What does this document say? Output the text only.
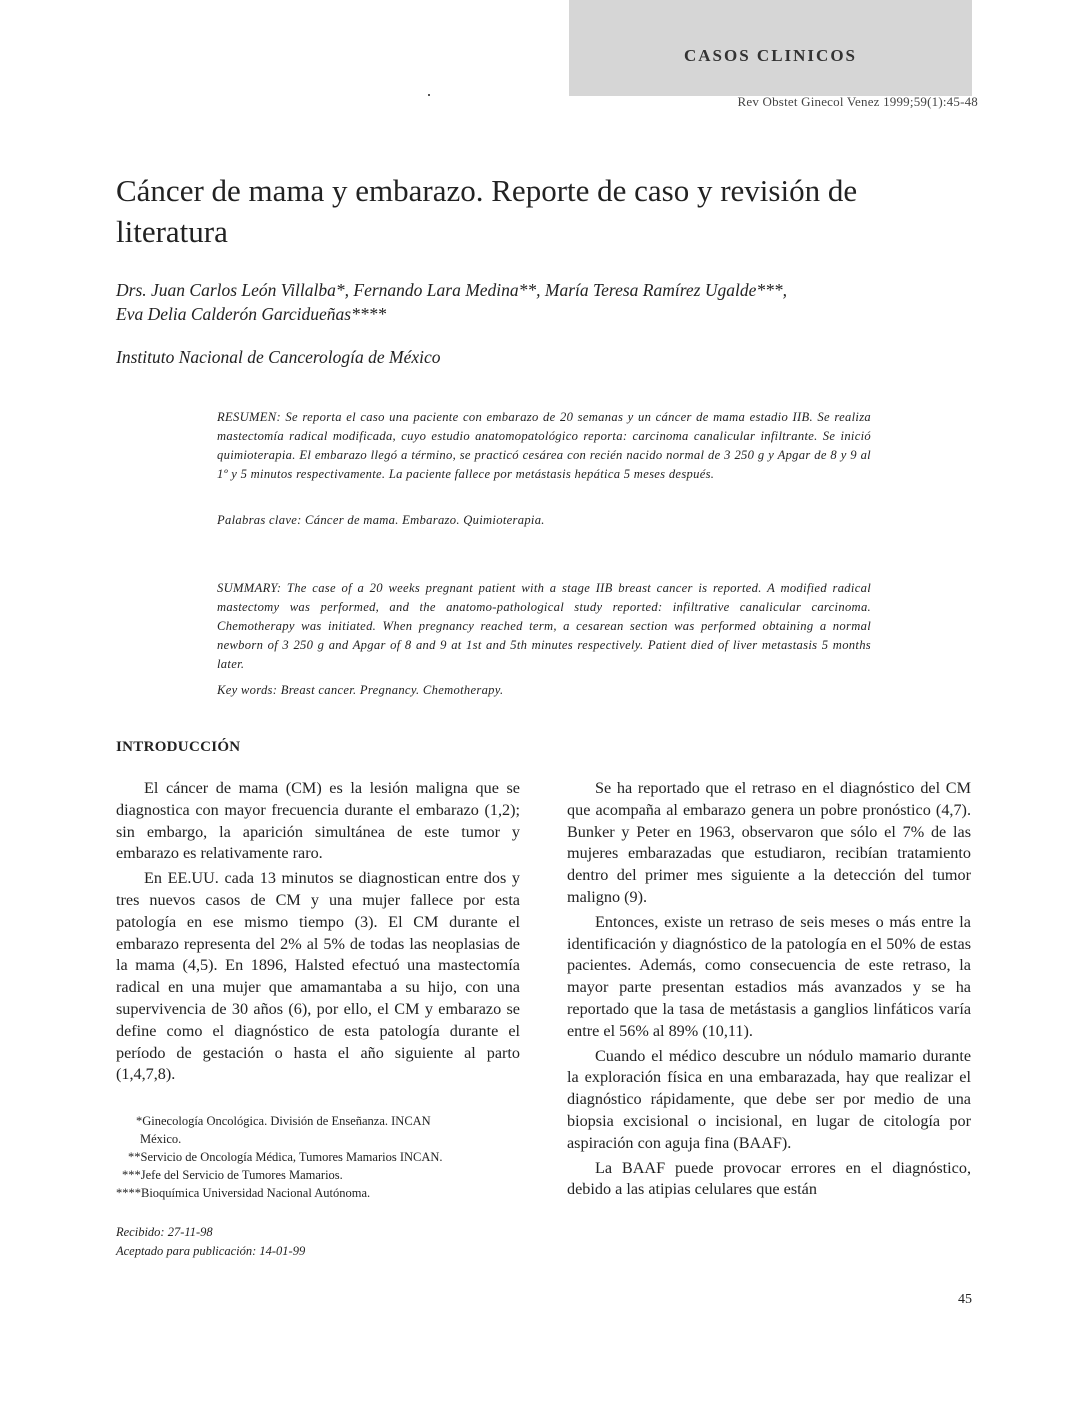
CASOS CLINICOS
Rev Obstet Ginecol Venez 1999;59(1):45-48
Cáncer de mama y embarazo. Reporte de caso y revisión de literatura
Drs. Juan Carlos León Villalba*, Fernando Lara Medina**, María Teresa Ramírez Ugalde***,
Eva Delia Calderón Garcidueñas****
Instituto Nacional de Cancerología de México
RESUMEN: Se reporta el caso una paciente con embarazo de 20 semanas y un cáncer de mama estadio IIB. Se realiza mastectomía radical modificada, cuyo estudio anatomopatológico reporta: carcinoma canalicular infiltrante. Se inició quimioterapia. El embarazo llegó a término, se practicó cesárea con recién nacido normal de 3 250 g y Apgar de 8 y 9 al 1º y 5 minutos respectivamente. La paciente fallece por metástasis hepática 5 meses después.
Palabras clave: Cáncer de mama. Embarazo. Quimioterapia.
SUMMARY: The case of a 20 weeks pregnant patient with a stage IIB breast cancer is reported. A modified radical mastectomy was performed, and the anatomo-pathological study reported: infiltrative canalicular carcinoma. Chemotherapy was initiated. When pregnancy reached term, a cesarean section was performed obtaining a normal newborn of 3 250 g and Apgar of 8 and 9 at 1st and 5th minutes respectively. Patient died of liver metastasis 5 months later.
Key words: Breast cancer. Pregnancy. Chemotherapy.
INTRODUCCIÓN

El cáncer de mama (CM) es la lesión maligna que se diagnostica con mayor frecuencia durante el embarazo (1,2); sin embargo, la aparición simultánea de este tumor y embarazo es relativamente raro.

En EE.UU. cada 13 minutos se diagnostican entre dos y tres nuevos casos de CM y una mujer fallece por esta patología en ese mismo tiempo (3). El CM durante el embarazo representa del 2% al 5% de todas las neoplasias de la mama (4,5). En 1896, Halsted efectuó una mastectomía radical en una mujer que amamantaba a su hijo, con una supervivencia de 30 años (6), por ello, el CM y embarazo se define como el diagnóstico de esta patología durante el período de gestación o hasta el año siguiente al parto (1,4,7,8).

Se ha reportado que el retraso en el diagnóstico del CM que acompaña al embarazo genera un pobre pronóstico (4,7). Bunker y Peter en 1963, observaron que sólo el 7% de las mujeres embarazadas que estudiaron, recibían tratamiento dentro del primer mes siguiente a la detección del tumor maligno (9).

Entonces, existe un retraso de seis meses o más entre la identificación y diagnóstico de la patología en el 50% de estas pacientes. Además, como consecuencia de este retraso, la mayor parte presentan estadios más avanzados y se ha reportado que la tasa de metástasis a ganglios linfáticos varía entre el 56% al 89% (10,11).

Cuando el médico descubre un nódulo mamario durante la exploración física en una embarazada, hay que realizar el diagnóstico rápidamente, que debe ser por medio de una biopsia excisional o incisional, en lugar de citología por aspiración con aguja fina (BAAF).

La BAAF puede provocar errores en el diagnóstico, debido a las atipias celulares que están

*Ginecología Oncológica. División de Enseñanza. INCAN
México.
**Servicio de Oncología Médica, Tumores Mamarios INCAN.
***Jefe del Servicio de Tumores Mamarios.
****Bioquímica Universidad Nacional Autónoma.
Recibido: 27-11-98
Aceptado para publicación: 14-01-99
45
